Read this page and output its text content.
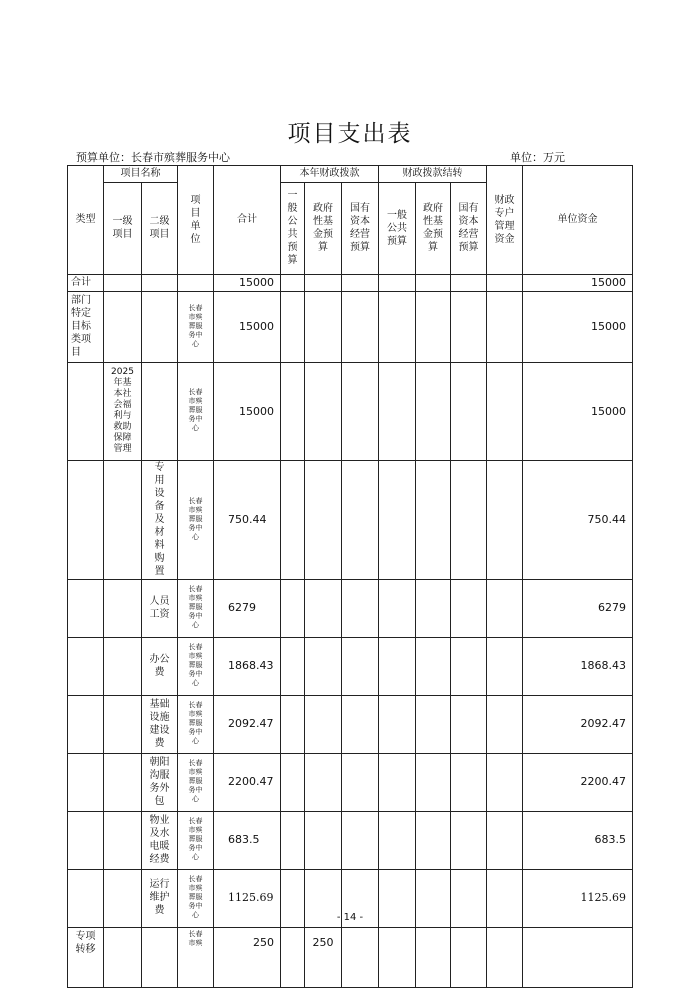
项目支出表
预算单位：长春市殡葬服务中心	单位：万元
类型	项目名称		项目单位	合计	本年财政拨款			财政拨款结转			财政专户管理资金	单位资金
	一级项目	二级项目			一般公共预算	政府性基金预算	国有资本经营预算	一般公共预算	政府性基金预算	国有资本经营预算		
合计				15000								15000
部门特定目标类项目			长春市殡葬服务中心	15000								15000
	2025年基本社会福利与救助保障管理		长春市殡葬服务中心	15000								15000
		专用设备及材料购置	长春市殡葬服务中心	750.44								750.44
		人员工资	长春市殡葬服务中心	6279								6279
		办公费	长春市殡葬服务中心	1868.43								1868.43
		基础设施建设费	长春市殡葬服务中心	2092.47								2092.47
		朝阳沟服务外包	长春市殡葬服务中心	2200.47								2200.47
		物业及水电暖经费	长春市殡葬服务中心	683.5								683.5
		运行维护费	长春市殡葬服务中心	1125.69								1125.69
专项转移			长春市殡	250		250						
- 14 -
